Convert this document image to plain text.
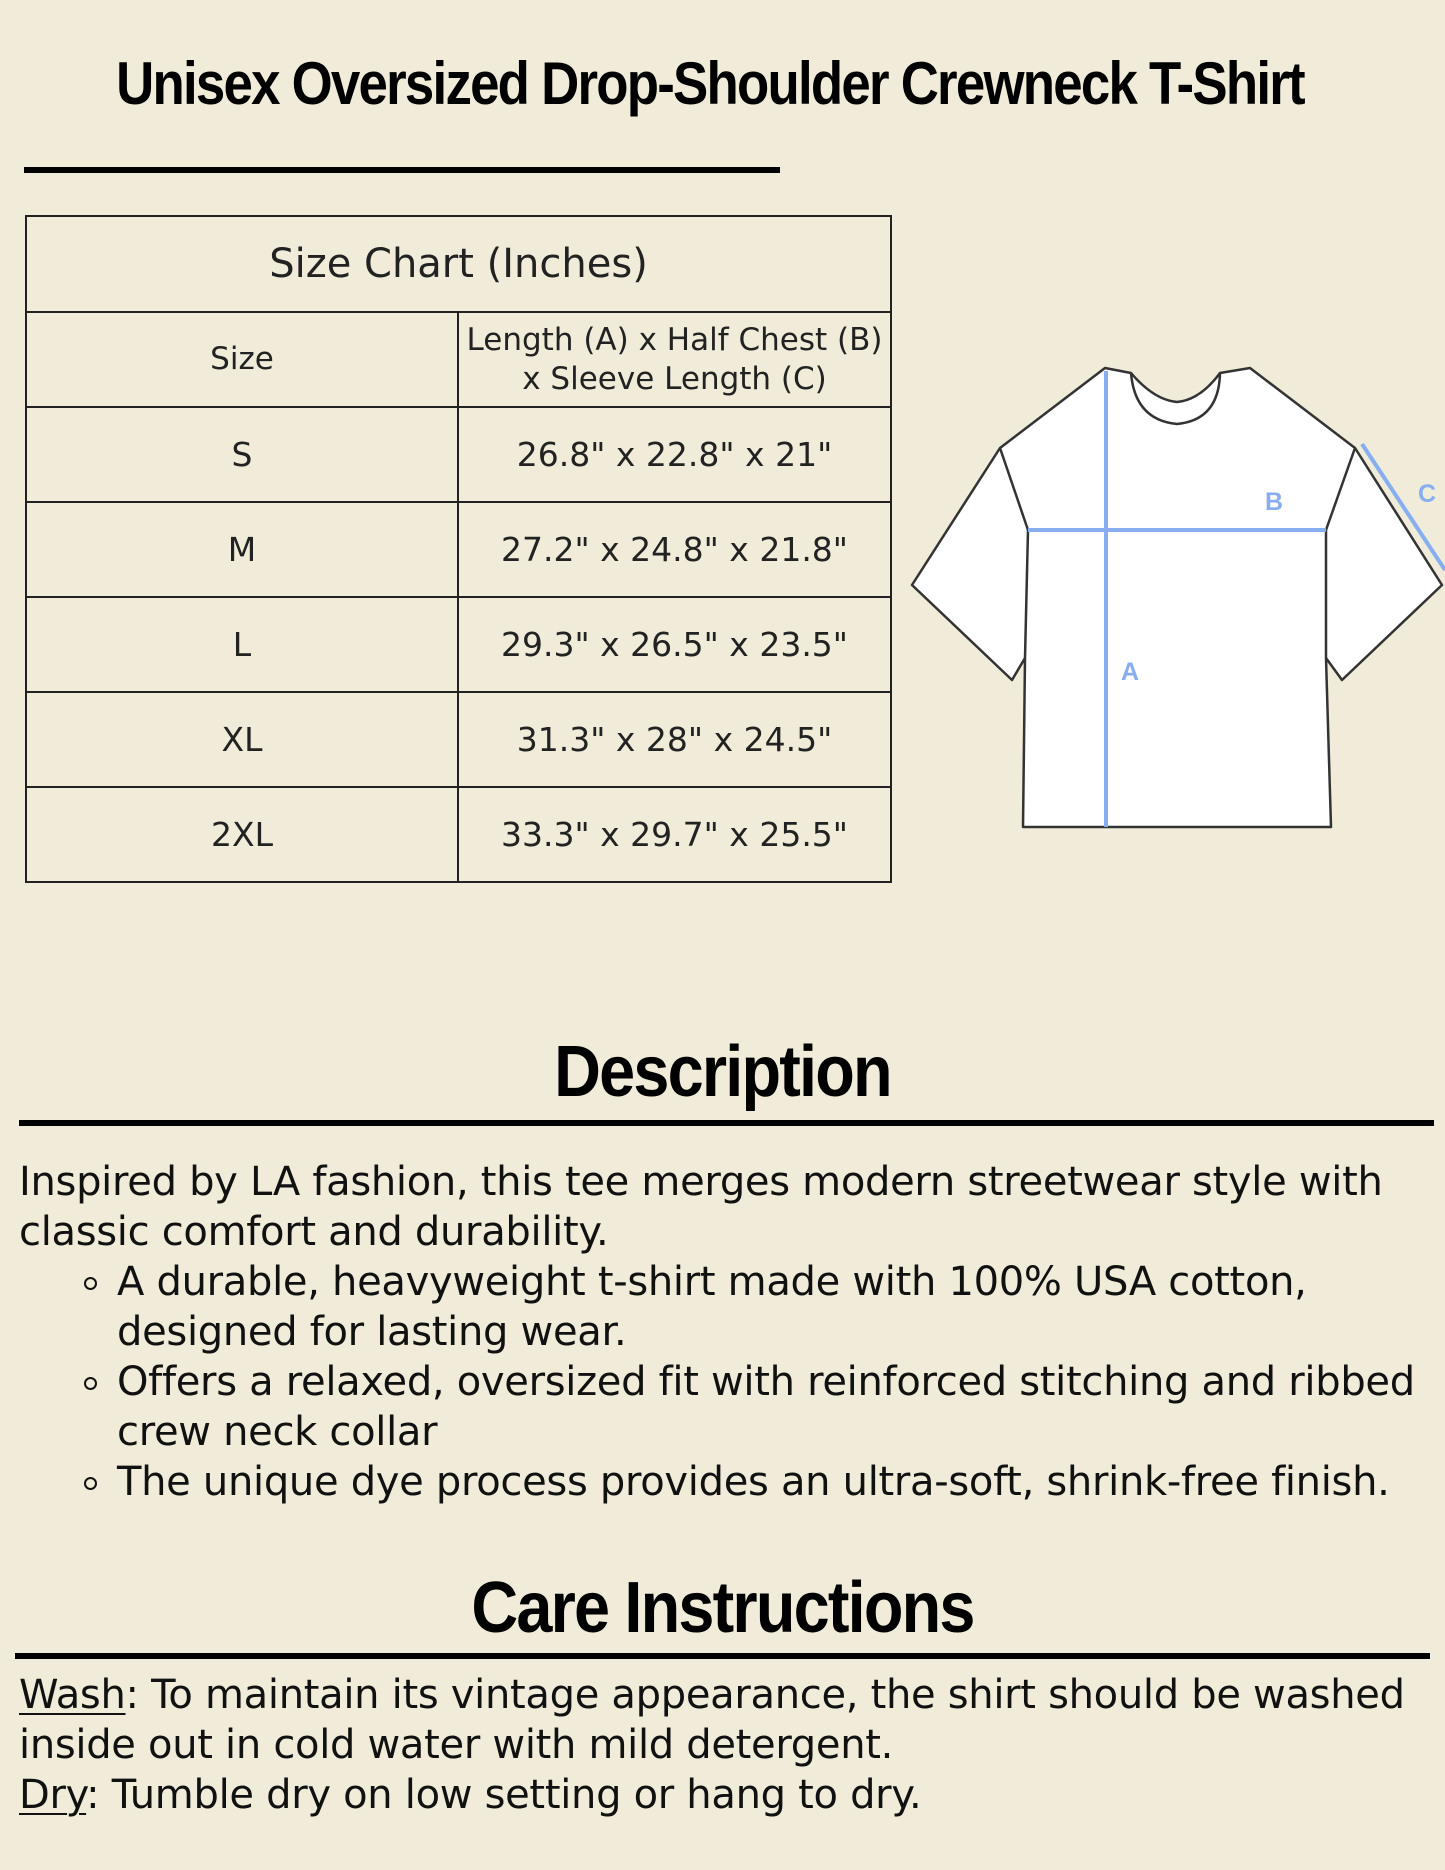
Unisex Oversized Drop-Shoulder Crewneck T-Shirt
Size Chart (Inches)	
Size	Length (A) x Half Chest (B)
x Sleeve Length (C)

S	26.8" x 22.8" x 21"
M	27.2" x 24.8" x 21.8"
L	29.3" x 26.5" x 23.5"
XL	31.3" x 28" x 24.5"
2XL	33.3" x 29.7" x 25.5"
A
B	C
Description
Inspired by LA fashion, this tee merges modern streetwear style with classic comfort and durability.
A durable, heavyweight t-shirt made with 100% USA cotton, designed for lasting wear.
Offers a relaxed, oversized fit with reinforced stitching and ribbed crew neck collar
The unique dye process provides an ultra-soft, shrink-free finish.
Care Instructions
Wash: To maintain its vintage appearance, the shirt should be washed inside out in cold water with mild detergent.
Dry: Tumble dry on low setting or hang to dry.
